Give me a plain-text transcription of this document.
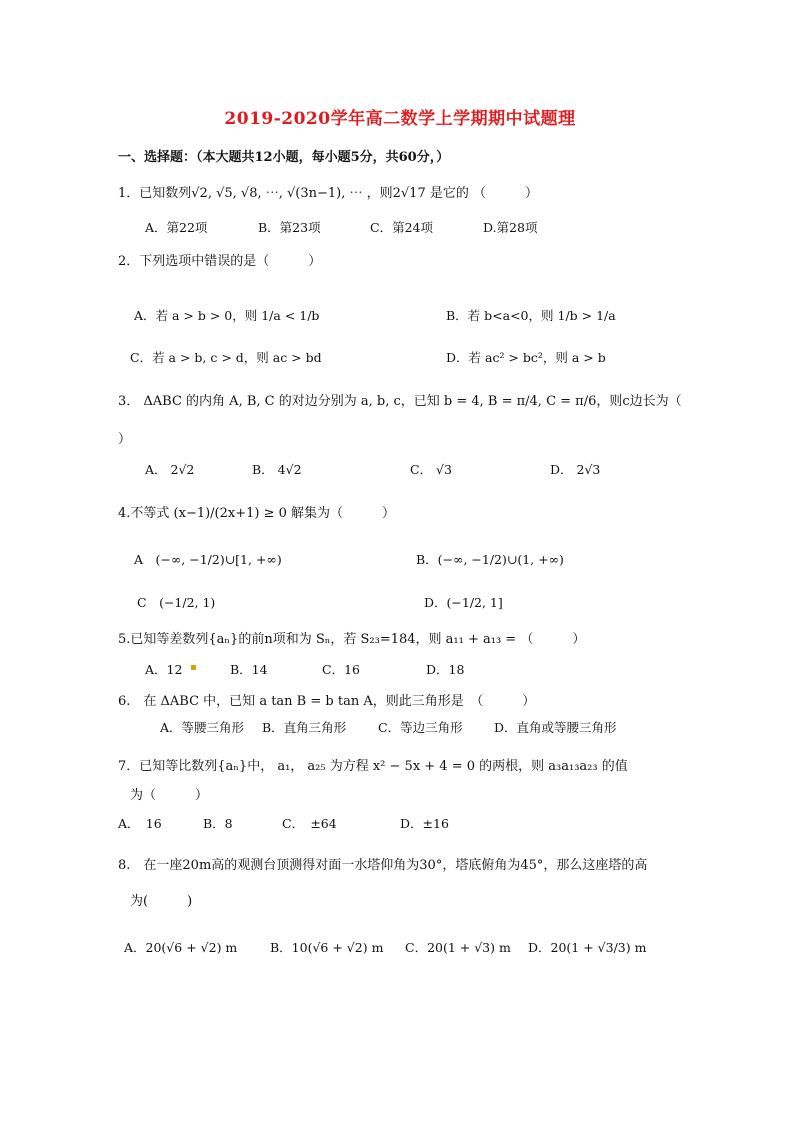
2019-2020学年高二数学上学期期中试题理
一、选择题：（本大题共12小题，每小题5分，共60分，）
1．已知数列√2, √5, √8, ⋯, √(3n−1), ⋯ ，则2√17 是它的 （　　　）
A．第22项	B．第23项	C．第24项	D.第28项
2．下列选项中错误的是（　　　）
A．若 a > b > 0，则 1/a < 1/b	B．若 b<a<0，则 1/b > 1/a
C．若 a > b, c > d，则 ac > bd	D．若 ac² > bc²，则 a > b
3． ΔABC 的内角 A, B, C 的对边分别为 a, b, c，已知 b = 4, B = π/4, C = π/6，则c边长为（
）
A． 2√2	B． 4√2	C． √3	D． 2√3
4.不等式 (x−1)/(2x+1) ≥ 0 解集为（　　　）
A　(−∞, −1/2)∪[1, +∞)	B．(−∞, −1/2)∪(1, +∞)
C　(−1/2, 1)	D．(−1/2, 1]
5.已知等差数列{aₙ}的前n项和为 Sₙ，若 S₂₃=184，则 a₁₁ + a₁₃ = （　　　）
A．12 ▪	B．14	C．16	D．18
6.　在 ΔABC 中，已知 a tan B = b tan A，则此三角形是　（　　　）
A．等腰三角形 B．直角三角形	C．等边三角形	D．直角或等腰三角形
7．已知等比数列{aₙ}中， a₁， a₂₅ 为方程 x² − 5x + 4 = 0 的两根，则 a₃a₁₃a₂₃ 的值
为（　　　）
A．　16	B．8	C．　±64	D．±16
8.　在一座20m高的观测台顶测得对面一水塔仰角为30°，塔底俯角为45°，那么这座塔的高
为(　　　)
A．20(√6 + √2) m	B．10(√6 + √2) m C．20(1 + √3) m D．20(1 + √3/3) m
